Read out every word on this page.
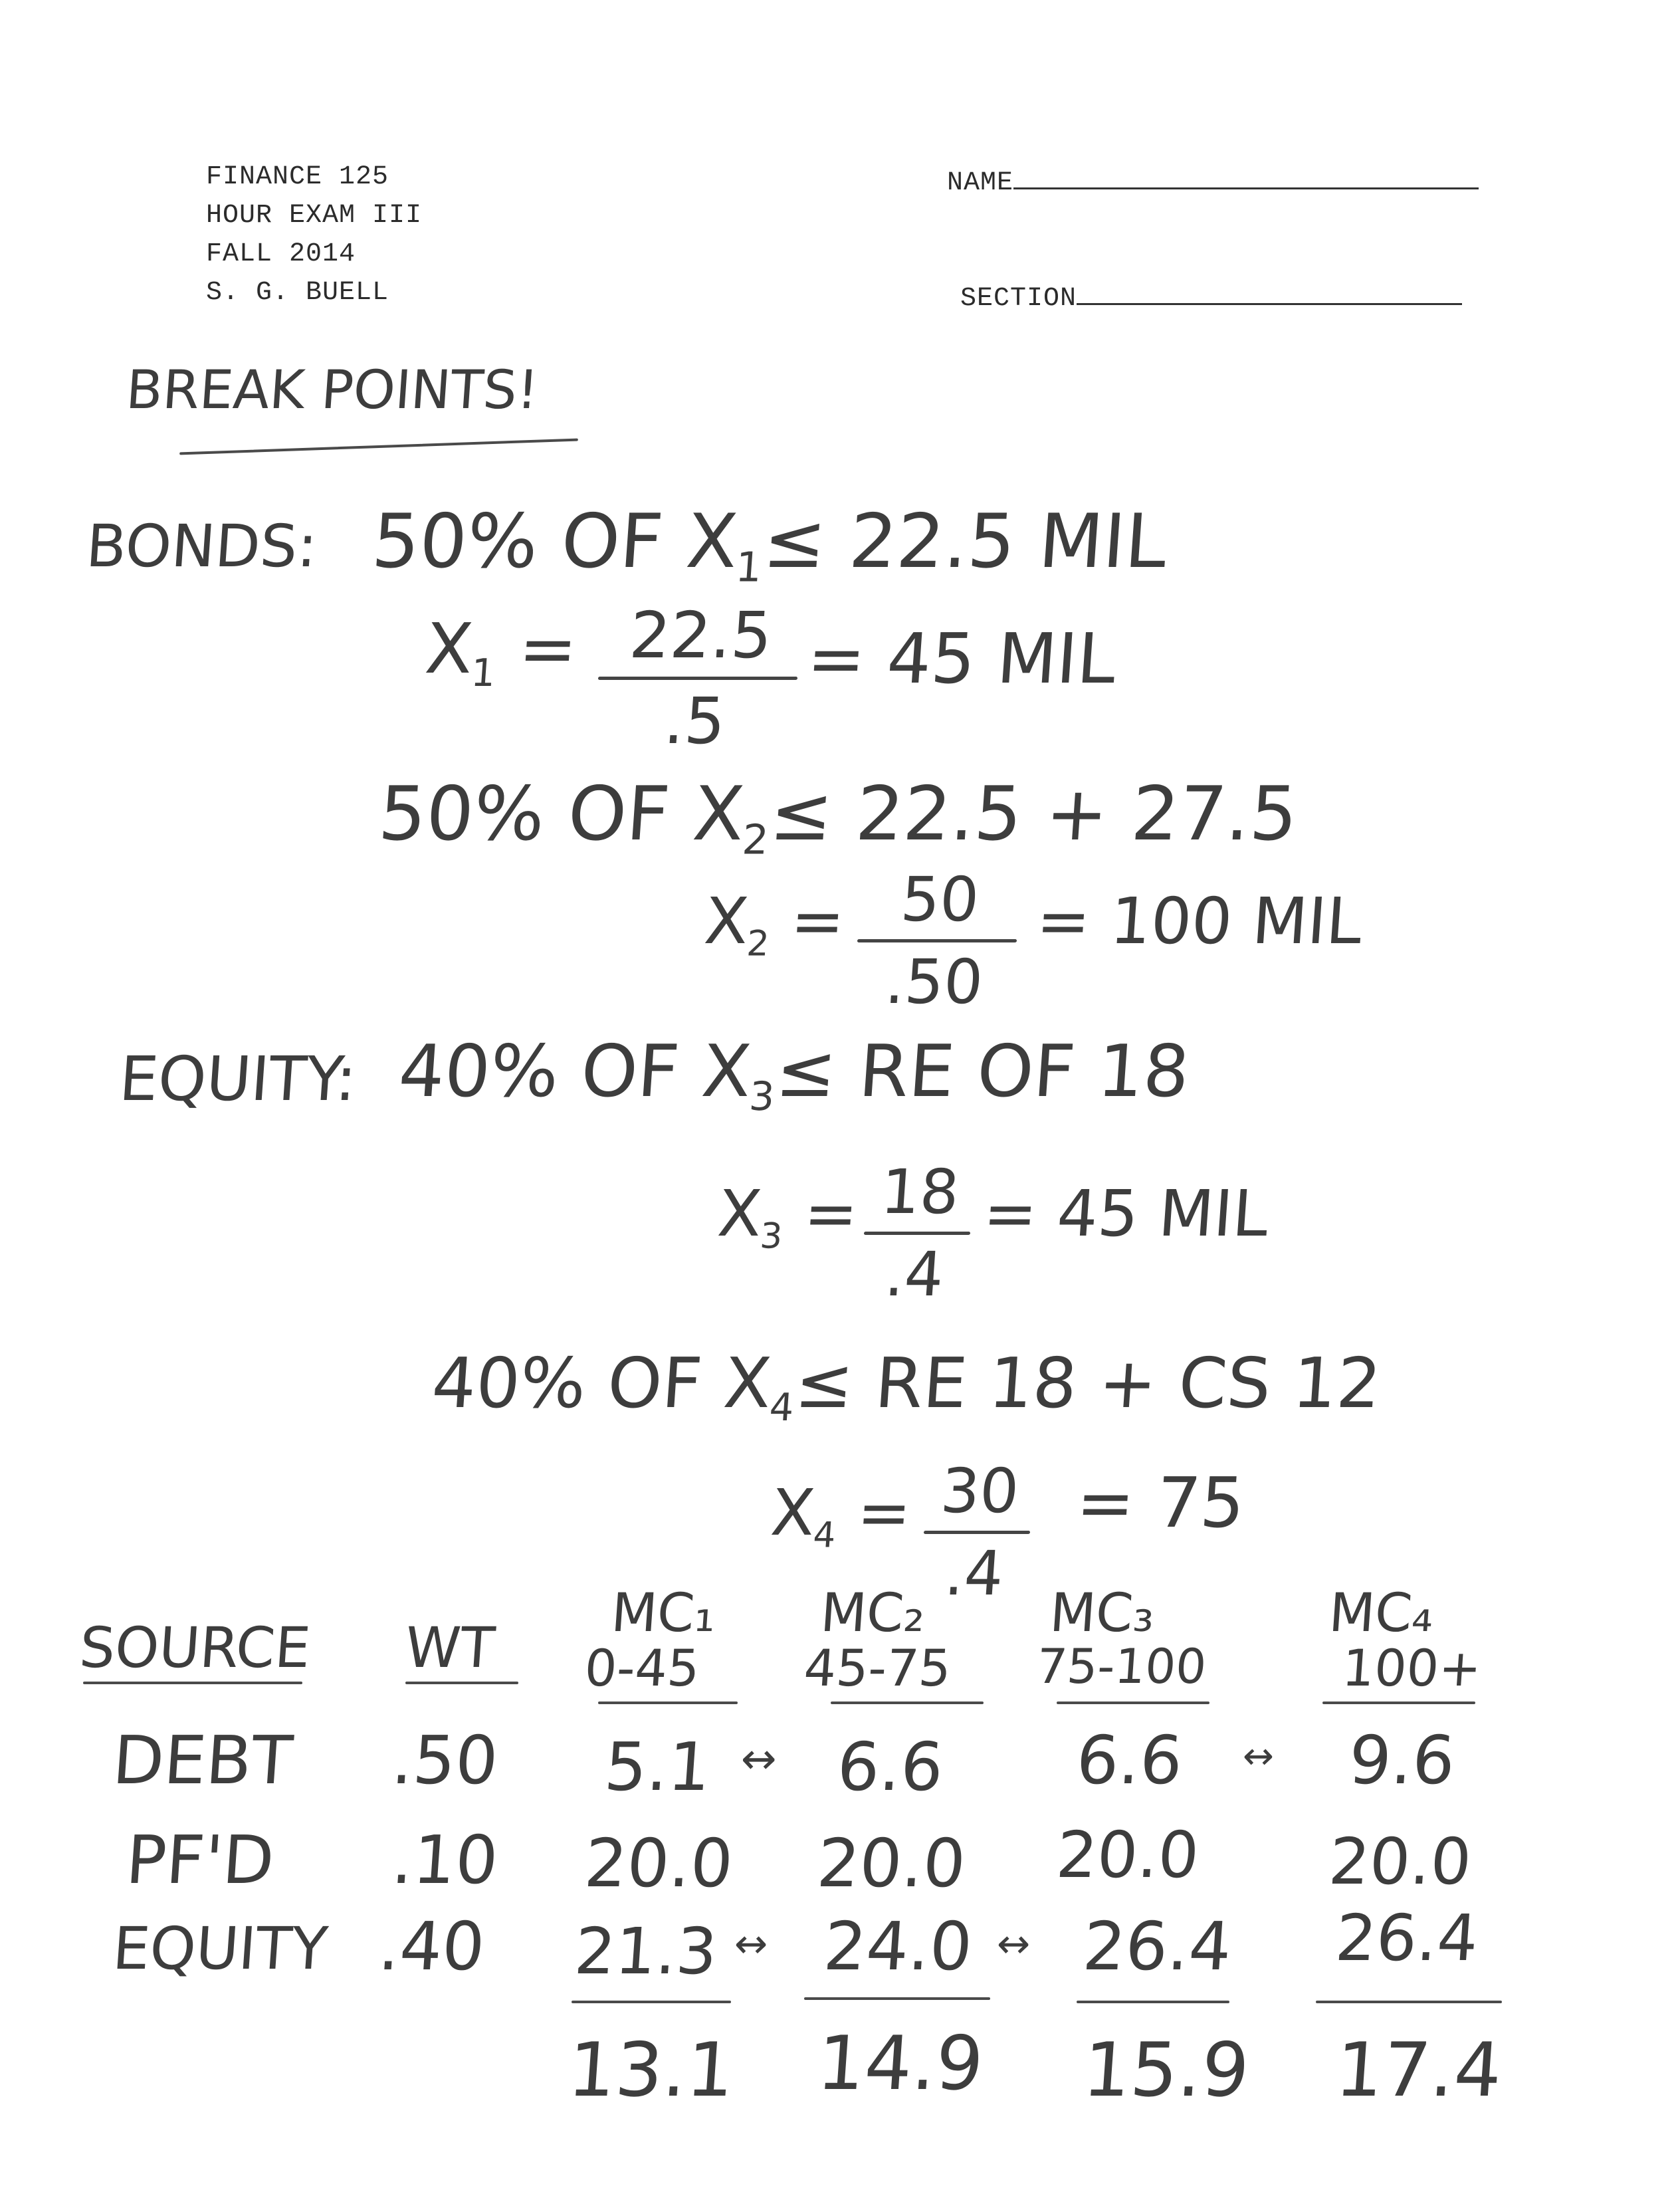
FINANCE 125
HOUR EXAM III
FALL 2014
S. G. BUELL
NAME
SECTION
BREAK POINTS!
BONDS: 50% OF $X_1\le 22.5$ MIL
$X_1 = 22.5$
.5
= 45 MIL
50% OF $X_2\le 22.5 + 27.5$
$X_2 = 50$
.50
= 100 MIL
EQUITY: 40% OF $X_3\le$ RE OF 18
$X_3 = 18$
.4
= 45 MIL
40% OF $X_4\le$ RE 18 + CS 12
$X_4 = 30$
.4
= 75
SOURCE WT
MC₁ MC₂ MC₃	MC₄
0-45 45-75 75-100	100+
DEBT .50 5.1 ↔ 6.6 6.6 ↔ 9.6
PF'D .10 20.0 20.0 20.0 20.0
EQUITY .40 21.3 ↔ 24.0 ↔ 26.4 26.4
13.1 14.9 15.9 17.4
